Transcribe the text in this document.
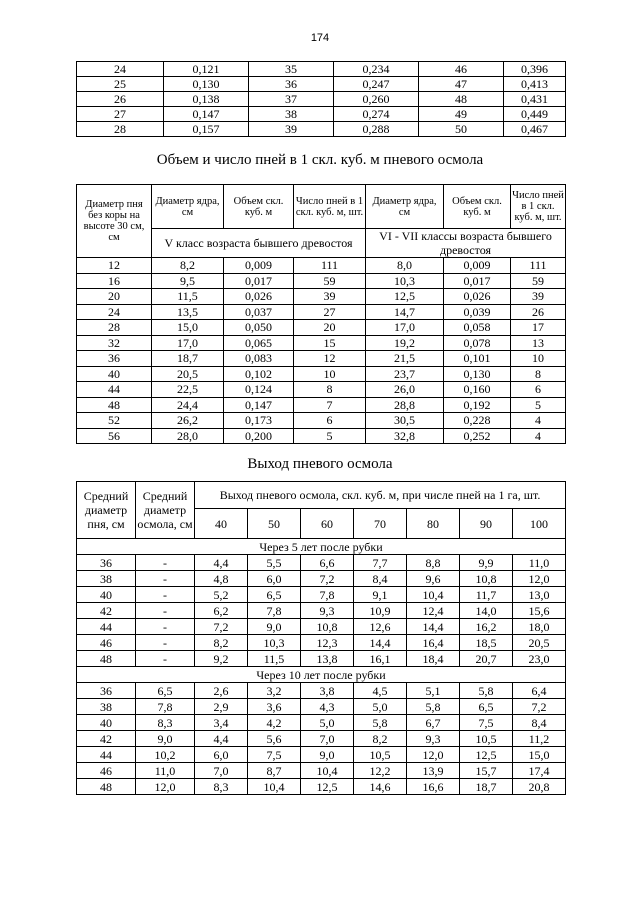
174
24	0,121	35	0,234	46	0,396
25	0,130	36	0,247	47	0,413
26	0,138	37	0,260	48	0,431
27	0,147	38	0,274	49	0,449
28	0,157	39	0,288	50	0,467
Объем и число пней в 1 скл. куб. м пневого осмола
Диаметр пня без коры на высоте 30 см, см	Диаметр ядра, см	Объем скл. куб. м	Число пней в 1 скл. куб. м, шт.	Диаметр ядра, см	Объем скл. куб. м	Число пней в 1 скл. куб. м, шт.
	V класс возраста бывшего древостоя			VI - VII классы возраста бывшего древостоя		
12	8,2	0,009	111	8,0	0,009	111
16	9,5	0,017	59	10,3	0,017	59
20	11,5	0,026	39	12,5	0,026	39
24	13,5	0,037	27	14,7	0,039	26
28	15,0	0,050	20	17,0	0,058	17
32	17,0	0,065	15	19,2	0,078	13
36	18,7	0,083	12	21,5	0,101	10
40	20,5	0,102	10	23,7	0,130	8
44	22,5	0,124	8	26,0	0,160	6
48	24,4	0,147	7	28,8	0,192	5
52	26,2	0,173	6	30,5	0,228	4
56	28,0	0,200	5	32,8	0,252	4
Выход пневого осмола
Средний диаметр пня, см	Средний диаметр осмола, см	Выход пневого осмола, скл. куб. м, при числе пней на 1 га, шт.						
		40	50	60	70	80	90	100
Через 5 лет после рубки								
36	-	4,4	5,5	6,6	7,7	8,8	9,9	11,0
38	-	4,8	6,0	7,2	8,4	9,6	10,8	12,0
40	-	5,2	6,5	7,8	9,1	10,4	11,7	13,0
42	-	6,2	7,8	9,3	10,9	12,4	14,0	15,6
44	-	7,2	9,0	10,8	12,6	14,4	16,2	18,0
46	-	8,2	10,3	12,3	14,4	16,4	18,5	20,5
48	-	9,2	11,5	13,8	16,1	18,4	20,7	23,0
Через 10 лет после рубки								
36	6,5	2,6	3,2	3,8	4,5	5,1	5,8	6,4
38	7,8	2,9	3,6	4,3	5,0	5,8	6,5	7,2
40	8,3	3,4	4,2	5,0	5,8	6,7	7,5	8,4
42	9,0	4,4	5,6	7,0	8,2	9,3	10,5	11,2
44	10,2	6,0	7,5	9,0	10,5	12,0	12,5	15,0
46	11,0	7,0	8,7	10,4	12,2	13,9	15,7	17,4
48	12,0	8,3	10,4	12,5	14,6	16,6	18,7	20,8
